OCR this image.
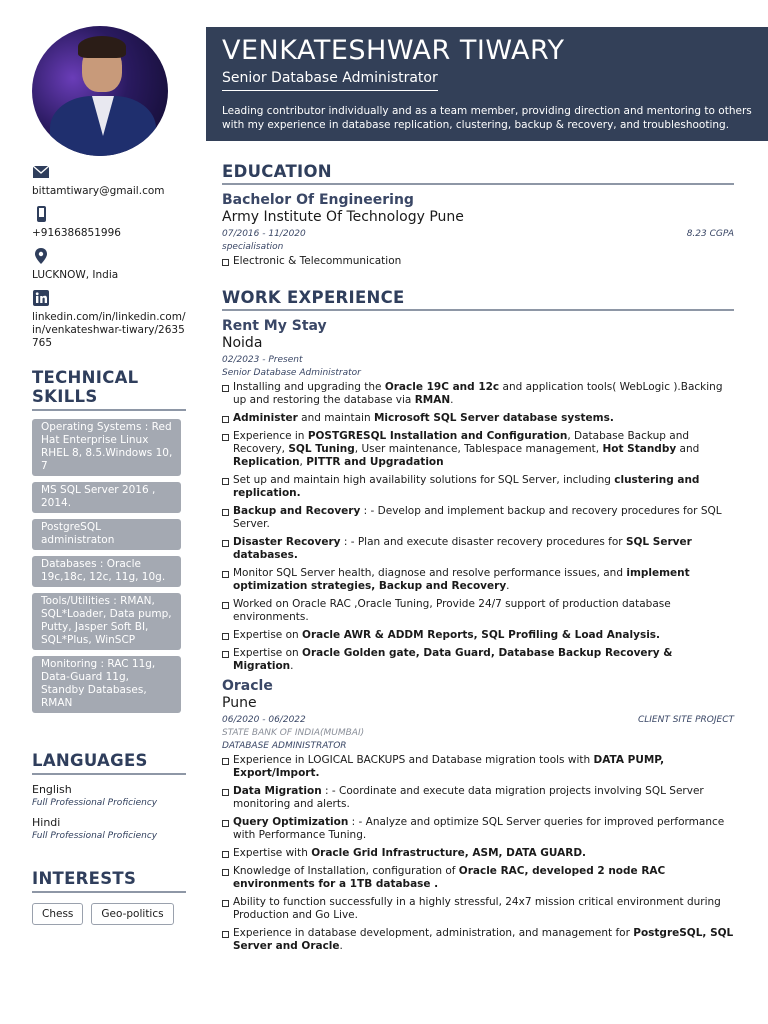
bittamtiwary@gmail.com
+916386851996
LUCKNOW, India
linkedin.com/in/linkedin.com/in/venkateshwar-tiwary/2635765
TECHNICAL SKILLS
Operating Systems : Red Hat Enterprise Linux RHEL 8, 8.5.Windows 10, 7
MS SQL Server 2016 , 2014.
PostgreSQL administraton
Databases : Oracle 19c,18c, 12c, 11g, 10g.
Tools/Utilities : RMAN, SQL*Loader, Data pump, Putty, Jasper Soft BI, SQL*Plus, WinSCP
Monitoring : RAC 11g, Data-Guard 11g, Standby Databases, RMAN
LANGUAGES
English
Full Professional Proficiency
Hindi
Full Professional Proficiency
INTERESTS
Chess	Geo-politics
VENKATESHWAR TIWARY
Senior Database Administrator
Leading contributor individually and as a team member, providing direction and mentoring to others with my experience in database replication, clustering, backup & recovery, and troubleshooting.
EDUCATION
Bachelor Of Engineering
Army Institute Of Technology Pune
07/2016 - 11/2020	8.23 CGPA
specialisation
Electronic & Telecommunication
WORK EXPERIENCE
Rent My Stay
Noida
02/2023 - Present
Senior Database Administrator
Installing and upgrading the Oracle 19C and 12c and application tools( WebLogic ).Backing up and restoring the database via RMAN.
Administer and maintain Microsoft SQL Server database systems.
Experience in POSTGRESQL Installation and Configuration, Database Backup and Recovery, SQL Tuning, User maintenance, Tablespace management, Hot Standby and Replication, PITTR and Upgradation
Set up and maintain high availability solutions for SQL Server, including clustering and replication.
Backup and Recovery : - Develop and implement backup and recovery procedures for SQL Server.
Disaster Recovery : - Plan and execute disaster recovery procedures for SQL Server databases.
Monitor SQL Server health, diagnose and resolve performance issues, and implement optimization strategies, Backup and Recovery.
Worked on Oracle RAC ,Oracle Tuning, Provide 24/7 support of production database environments.
Expertise on Oracle AWR & ADDM Reports, SQL Profiling & Load Analysis.
Expertise on Oracle Golden gate, Data Guard, Database Backup Recovery & Migration.
Oracle
Pune
06/2020 - 06/2022	CLIENT SITE PROJECT
STATE BANK OF INDIA(MUMBAI)
DATABASE ADMINISTRATOR
Experience in LOGICAL BACKUPS and Database migration tools with DATA PUMP, Export/Import.
Data Migration : - Coordinate and execute data migration projects involving SQL Server monitoring and alerts.
Query Optimization : - Analyze and optimize SQL Server queries for improved performance with Performance Tuning.
Expertise with Oracle Grid Infrastructure, ASM, DATA GUARD.
Knowledge of Installation, configuration of Oracle RAC, developed 2 node RAC environments for a 1TB database .
Ability to function successfully in a highly stressful, 24x7 mission critical environment during Production and Go Live.
Experience in database development, administration, and management for PostgreSQL, SQL Server and Oracle.
